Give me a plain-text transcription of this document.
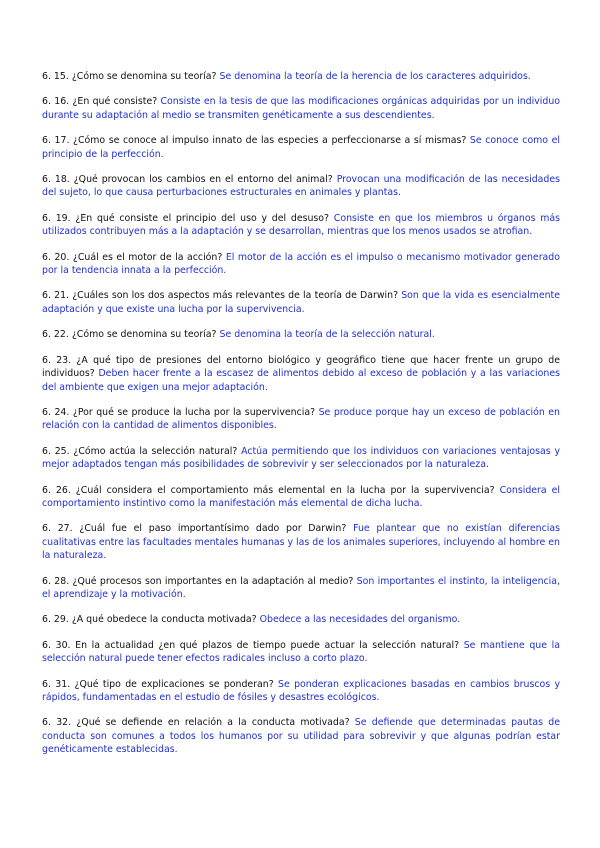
6. 15. ¿Cómo se denomina su teoría? Se denomina la teoría de la herencia de los caracteres adquiridos.

6. 16. ¿En qué consiste? Consiste en la tesis de que las modificaciones orgánicas adquiridas por un individuo durante su adaptación al medio se transmiten genéticamente a sus descendientes.

6. 17. ¿Cómo se conoce al impulso innato de las especies a perfeccionarse a sí mismas? Se conoce como el principio de la perfección.

6. 18. ¿Qué provocan los cambios en el entorno del animal? Provocan una modificación de las necesidades del sujeto, lo que causa perturbaciones estructurales en animales y plantas.

6. 19. ¿En qué consiste el principio del uso y del desuso? Consiste en que los miembros u órganos más utilizados contribuyen más a la adaptación y se desarrollan, mientras que los menos usados se atrofian.

6. 20. ¿Cuál es el motor de la acción? El motor de la acción es el impulso o mecanismo motivador generado por la tendencia innata a la perfección.

6. 21. ¿Cuáles son los dos aspectos más relevantes de la teoría de Darwin? Son que la vida es esencialmente adaptación y que existe una lucha por la supervivencia.

6. 22. ¿Cómo se denomina su teoría? Se denomina la teoría de la selección natural.

6. 23. ¿A qué tipo de presiones del entorno biológico y geográfico tiene que hacer frente un grupo de individuos? Deben hacer frente a la escasez de alimentos debido al exceso de población y a las variaciones del ambiente que exigen una mejor adaptación.

6. 24. ¿Por qué se produce la lucha por la supervivencia? Se produce porque hay un exceso de población en relación con la cantidad de alimentos disponibles.

6. 25. ¿Cómo actúa la selección natural? Actúa permitiendo que los individuos con variaciones ventajosas y mejor adaptados tengan más posibilidades de sobrevivir y ser seleccionados por la naturaleza.

6. 26. ¿Cuál considera el comportamiento más elemental en la lucha por la supervivencia? Considera el comportamiento instintivo como la manifestación más elemental de dicha lucha.

6. 27. ¿Cuál fue el paso importantísimo dado por Darwin? Fue plantear que no existían diferencias cualitativas entre las facultades mentales humanas y las de los animales superiores, incluyendo al hombre en la naturaleza.

6. 28. ¿Qué procesos son importantes en la adaptación al medio? Son importantes el instinto, la inteligencia, el aprendizaje y la motivación.

6. 29. ¿A qué obedece la conducta motivada? Obedece a las necesidades del organismo.

6. 30. En la actualidad ¿en qué plazos de tiempo puede actuar la selección natural? Se mantiene que la selección natural puede tener efectos radicales incluso a corto plazo.

6. 31. ¿Qué tipo de explicaciones se ponderan? Se ponderan explicaciones basadas en cambios bruscos y rápidos, fundamentadas en el estudio de fósiles y desastres ecológicos.

6. 32. ¿Qué se defiende en relación a la conducta motivada? Se defiende que determinadas pautas de conducta son comunes a todos los humanos por su utilidad para sobrevivir y que algunas podrían estar genéticamente establecidas.
